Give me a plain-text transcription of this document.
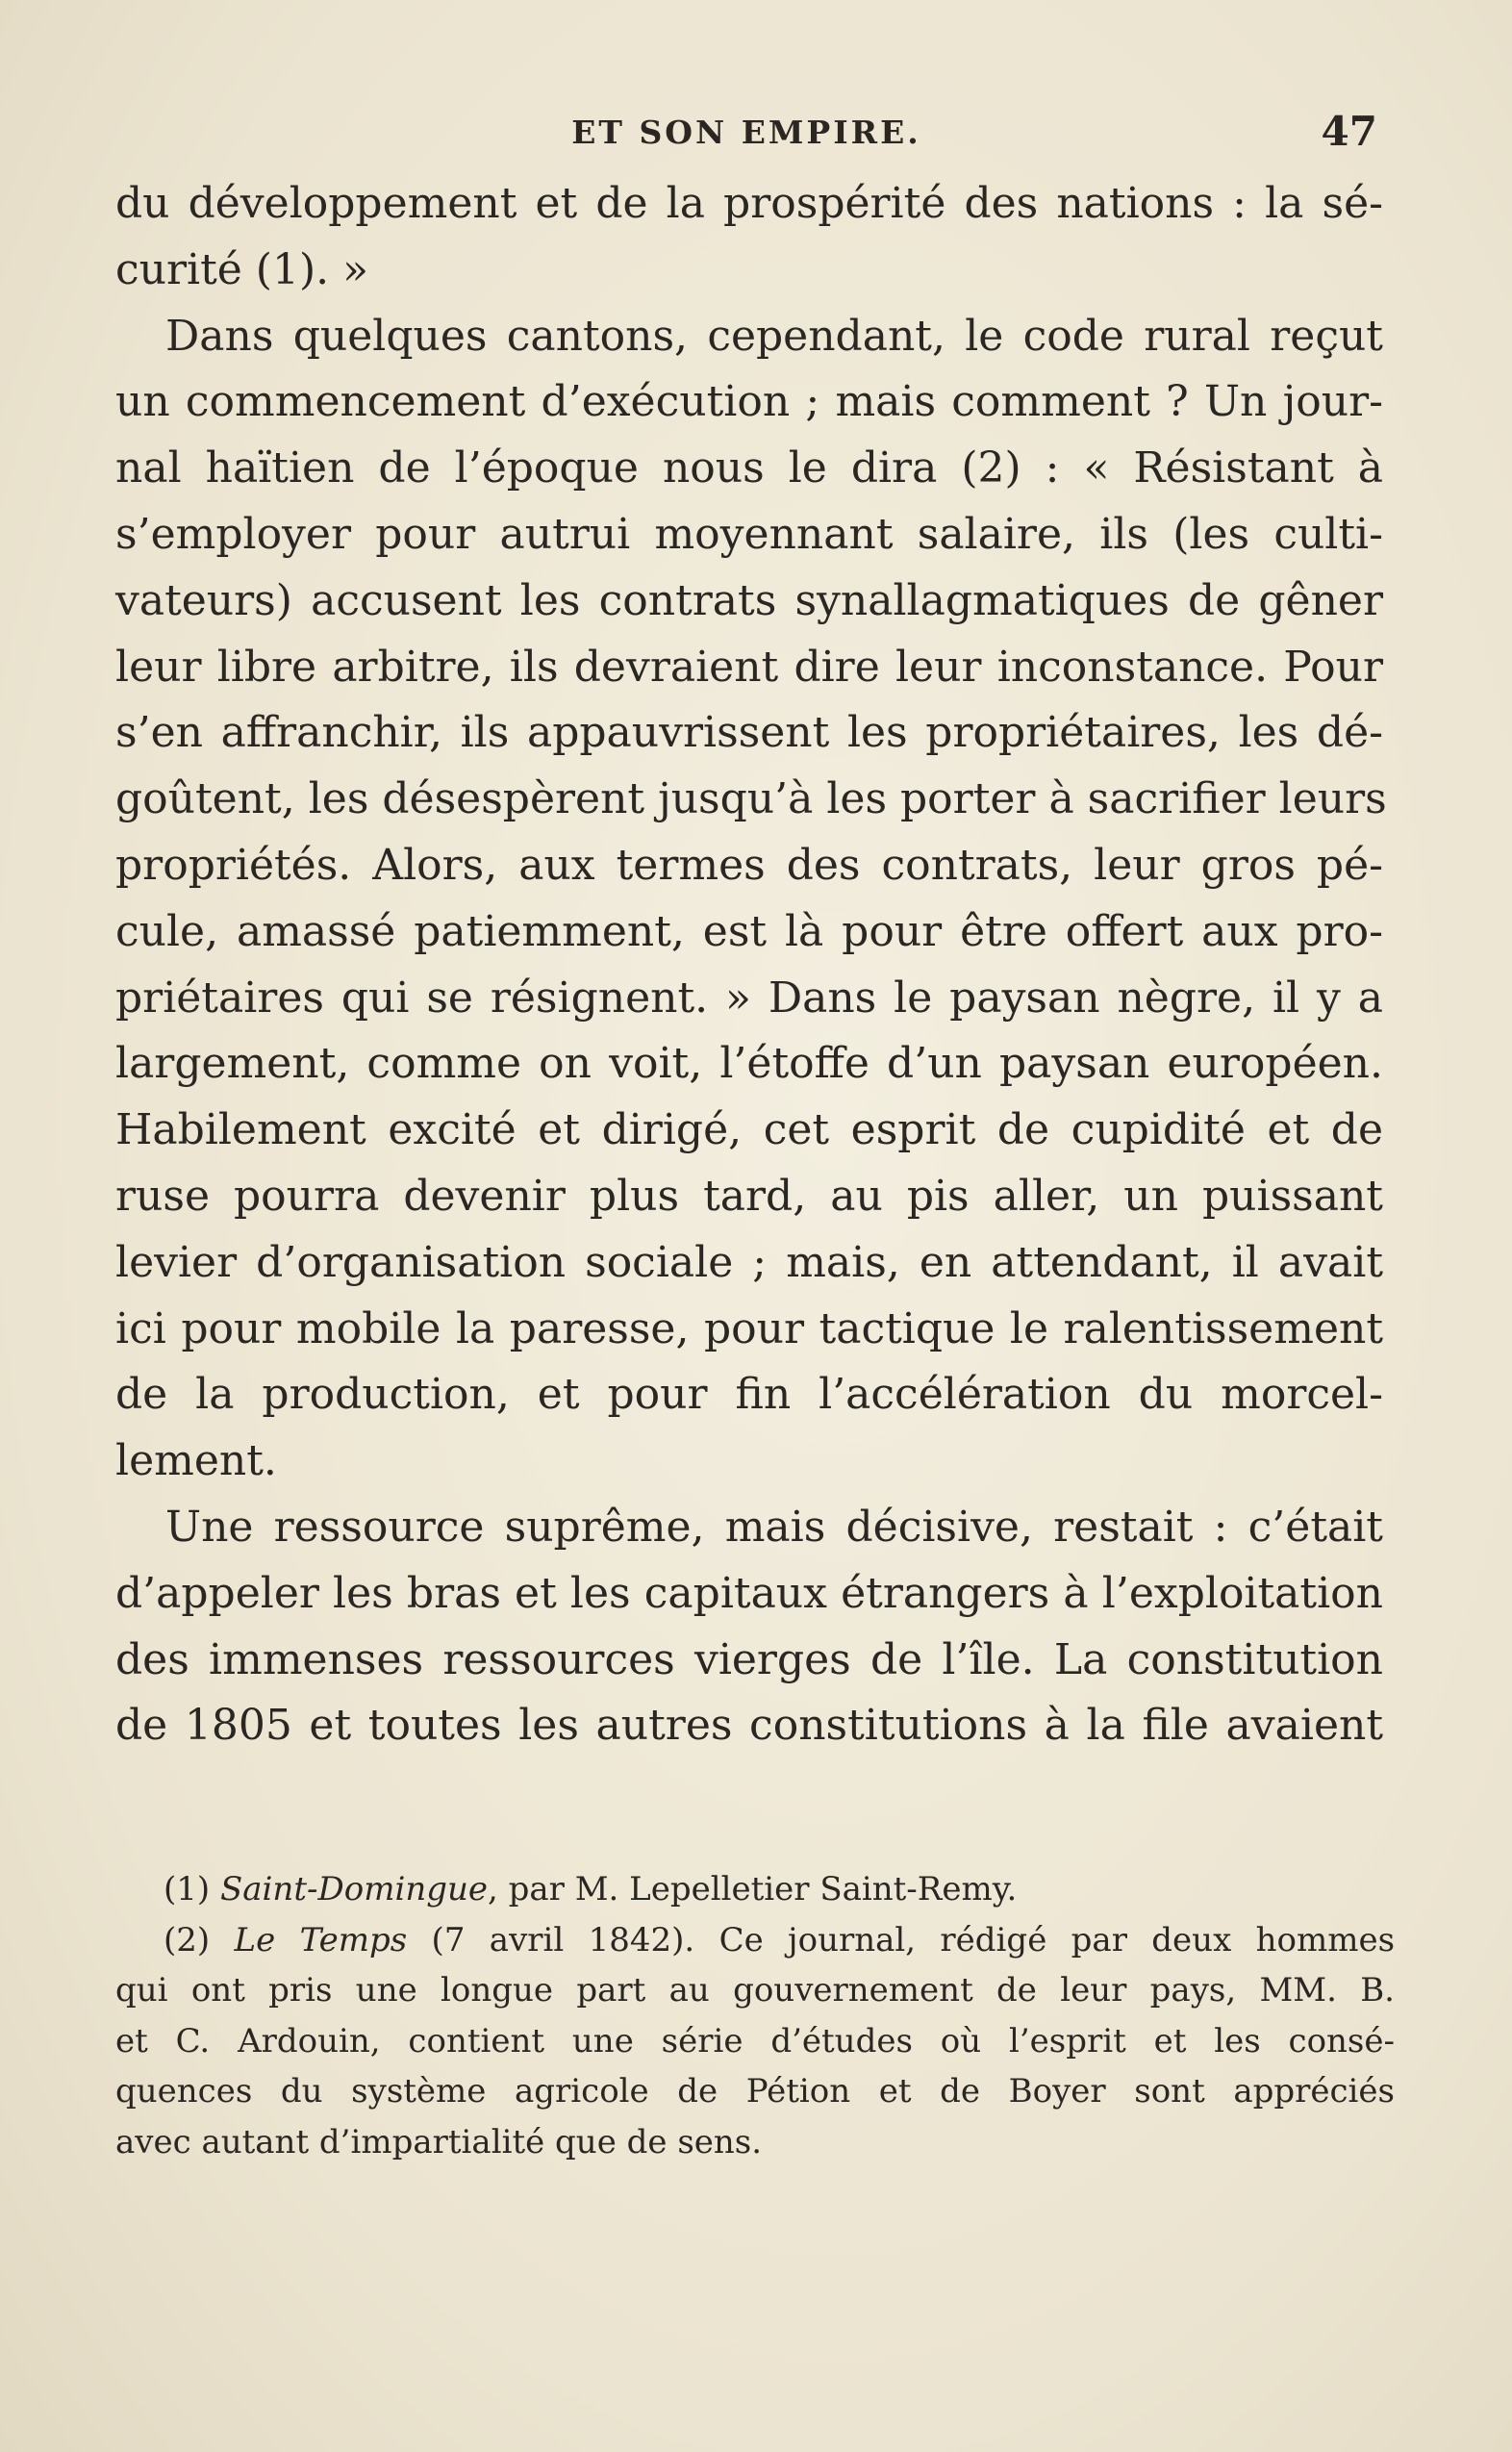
ET SON EMPIRE.	47
du développement et de la prospérité des nations : la sé-
curité (1). »
Dans quelques cantons, cependant, le code rural reçut
un commencement d’exécution ; mais comment ? Un jour-
nal haïtien de l’époque nous le dira (2) : « Résistant à
s’employer pour autrui moyennant salaire, ils (les culti-
vateurs) accusent les contrats synallagmatiques de gêner
leur libre arbitre, ils devraient dire leur inconstance. Pour
s’en affranchir, ils appauvrissent les propriétaires, les dé-
goûtent, les désespèrent jusqu’à les porter à sacrifier leurs
propriétés. Alors, aux termes des contrats, leur gros pé-
cule, amassé patiemment, est là pour être offert aux pro-
priétaires qui se résignent. » Dans le paysan nègre, il y a
largement, comme on voit, l’étoffe d’un paysan européen.
Habilement excité et dirigé, cet esprit de cupidité et de
ruse pourra devenir plus tard, au pis aller, un puissant
levier d’organisation sociale ; mais, en attendant, il avait
ici pour mobile la paresse, pour tactique le ralentissement
de la production, et pour fin l’accélération du morcel-
lement.
Une ressource suprême, mais décisive, restait : c’était
d’appeler les bras et les capitaux étrangers à l’exploitation
des immenses ressources vierges de l’île. La constitution
de 1805 et toutes les autres constitutions à la file avaient
(1) Saint-Domingue, par M. Lepelletier Saint-Remy.
(2) Le Temps (7 avril 1842). Ce journal, rédigé par deux hommes
qui ont pris une longue part au gouvernement de leur pays, MM. B.
et C. Ardouin, contient une série d’études où l’esprit et les consé-
quences du système agricole de Pétion et de Boyer sont appréciés
avec autant d’impartialité que de sens.
